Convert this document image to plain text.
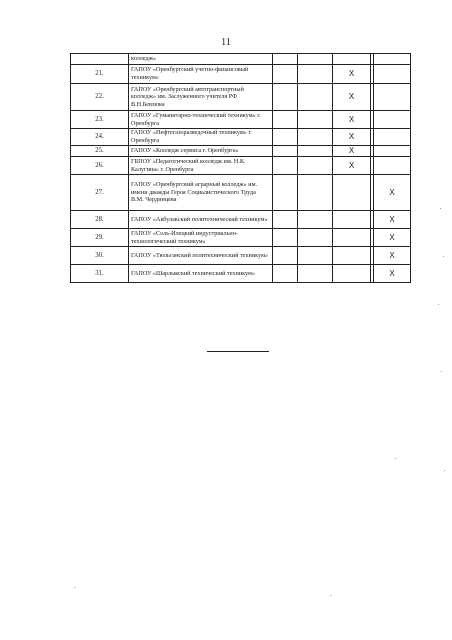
11
	колледж»					
21.	ГАПОУ «Оренбургский учетно-финансовый техникум»			X		
22.	ГАПОУ «Оренбургский автотранспортный колледж» им. Заслуженного учителя РФ В.Н.Бевзюка			X		
23.	ГАПОУ «Гуманитарно-технический техникум» г. Оренбурга			X		
24.	ГАПОУ «Нефтегазоразведочный техникум» г. Оренбурга			X		
25.	ГАПОУ «Колледж сервиса г. Оренбурга»			X		
26.	ГБПОУ «Педагогический колледж им. Н.К. Калугина» г. Оренбурга			X		
27.	ГАПОУ «Оренбургский аграрный колледж» им. имени дважды Героя Социалистического Труда В.М. Чердинцева					X
28.	ГАПОУ «Акбулакский политехнический техникум»					X
29.	ГАПОУ «Соль-Илецкий индустриально-технологический техникум»					X
30.	ГАПОУ «Тюльганский политехнический техникум»					X
31.	ГАПОУ «Шарлыкский технический техникум»					X
